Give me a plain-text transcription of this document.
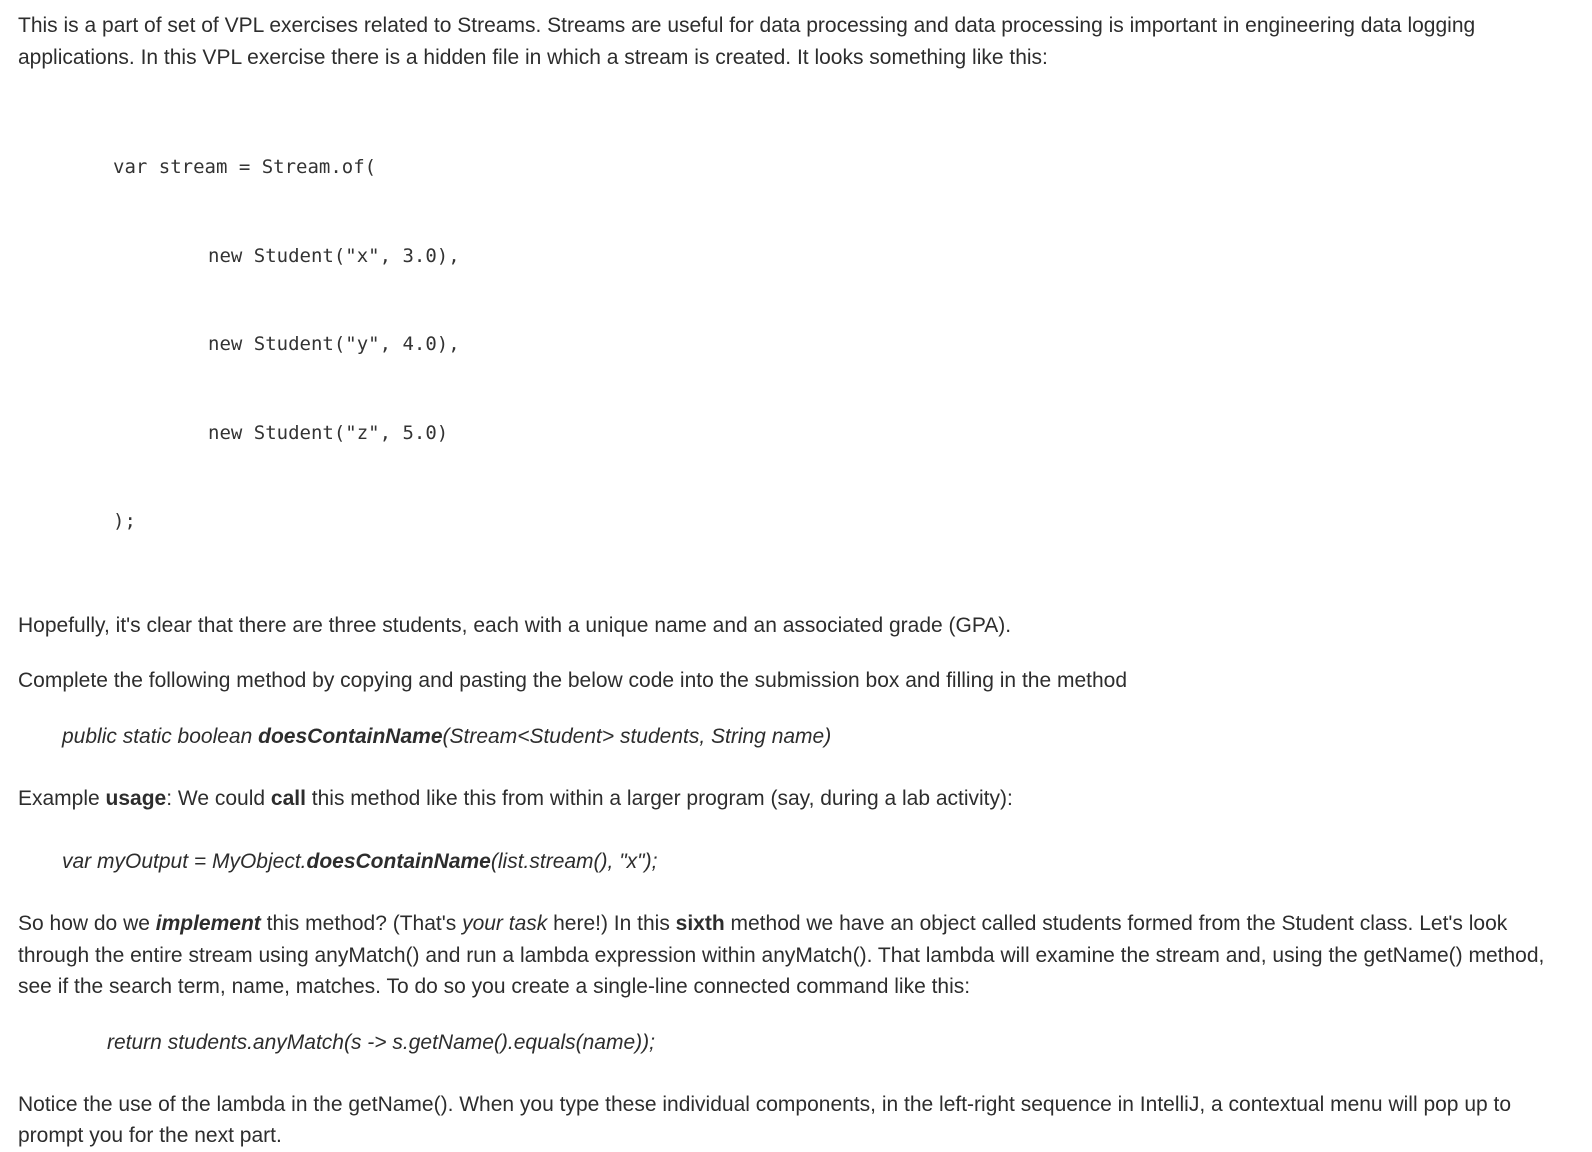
This is a part of set of VPL exercises related to Streams. Streams are useful for data processing and data processing is important in engineering data logging applications. In this VPL exercise there is a hidden file in which a stream is created. It looks something like this:

var stream = Stream.of(

new Student("x", 3.0),

new Student("y", 4.0),

new Student("z", 5.0)

);

Hopefully, it's clear that there are three students, each with a unique name and an associated grade (GPA).

Complete the following method by copying and pasting the below code into the submission box and filling in the method

public static boolean doesContainName(Stream<Student> students, String name)

Example usage: We could call this method like this from within a larger program (say, during a lab activity):

var myOutput = MyObject.doesContainName(list.stream(), "x");

So how do we implement this method? (That's your task here!) In this sixth method we have an object called students formed from the Student class. Let's look through the entire stream using anyMatch() and run a lambda expression within anyMatch(). That lambda will examine the stream and, using the getName() method, see if the search term, name, matches. To do so you create a single-line connected command like this:

return students.anyMatch(s -> s.getName().equals(name));

Notice the use of the lambda in the getName(). When you type these individual components, in the left-right sequence in IntelliJ, a contextual menu will pop up to prompt you for the next part.
